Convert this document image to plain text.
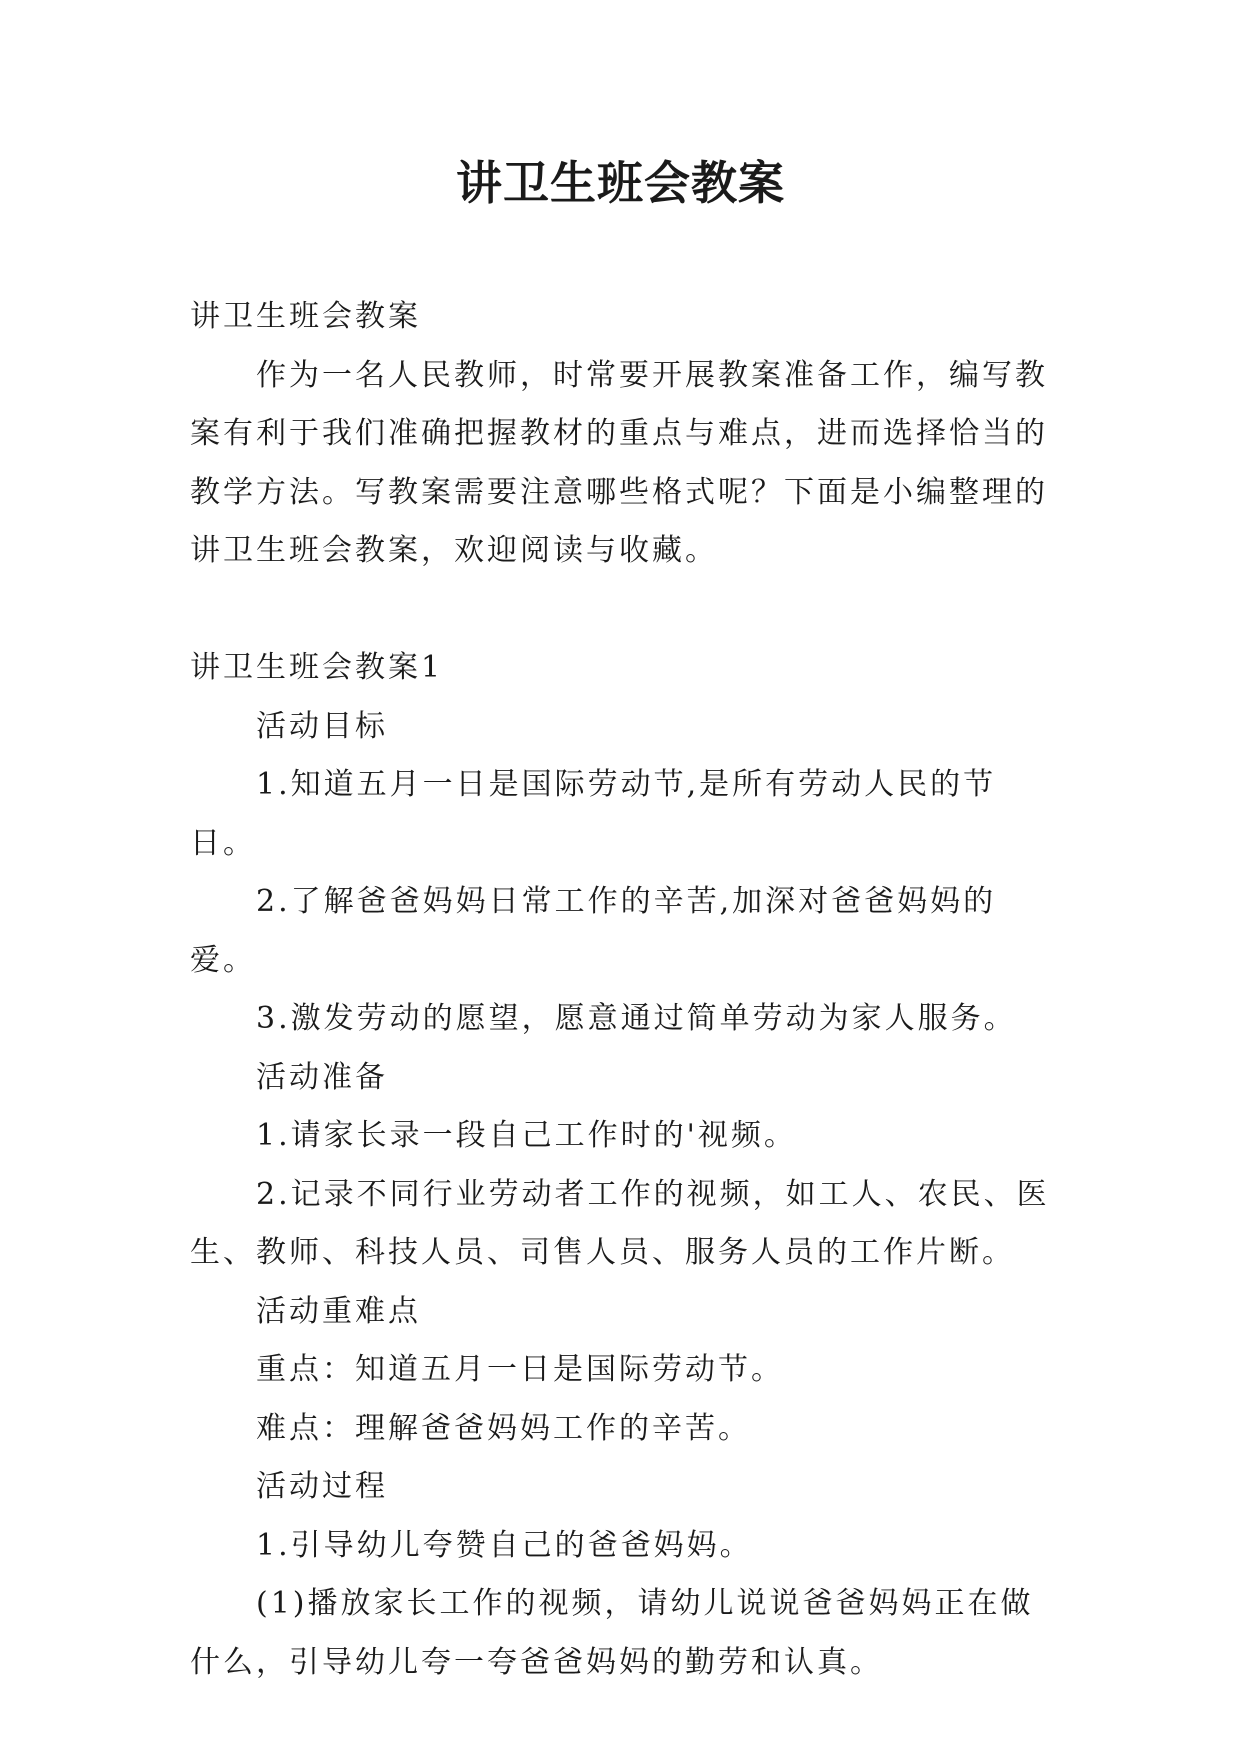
讲卫生班会教案

讲卫生班会教案

作为一名人民教师，时常要开展教案准备工作，编写教案有利于我们准确把握教材的重点与难点，进而选择恰当的教学方法。写教案需要注意哪些格式呢？下面是小编整理的讲卫生班会教案，欢迎阅读与收藏。

讲卫生班会教案1

活动目标

1.知道五月一日是国际劳动节,是所有劳动人民的节日。

2.了解爸爸妈妈日常工作的辛苦,加深对爸爸妈妈的爱。

3.激发劳动的愿望，愿意通过简单劳动为家人服务。

活动准备

1.请家长录一段自己工作时的'视频。

2.记录不同行业劳动者工作的视频，如工人、农民、医生、教师、科技人员、司售人员、服务人员的工作片断。

活动重难点

重点：知道五月一日是国际劳动节。

难点：理解爸爸妈妈工作的辛苦。

活动过程

1.引导幼儿夸赞自己的爸爸妈妈。

(1)播放家长工作的视频，请幼儿说说爸爸妈妈正在做什么，引导幼儿夸一夸爸爸妈妈的勤劳和认真。
